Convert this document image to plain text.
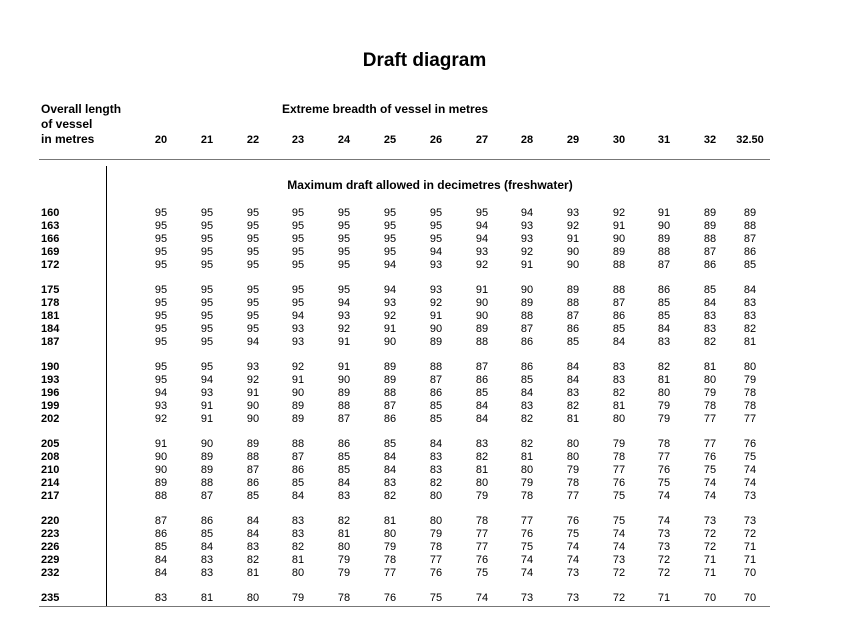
Draft diagram
Overall length
of vessel
in metres
Extreme breadth of vessel in metres
20	21	22	23	24	25	26	27	28	29	30	31	32	32.50
Maximum draft allowed in decimetres (freshwater)
160	95	95	95	95	95	95	95	95	94	93	92	91	89	89
163	95	95	95	95	95	95	95	94	93	92	91	90	89	88
166	95	95	95	95	95	95	95	94	93	91	90	89	88	87
169	95	95	95	95	95	95	94	93	92	90	89	88	87	86
172	95	95	95	95	95	94	93	92	91	90	88	87	86	85
175	95	95	95	95	95	94	93	91	90	89	88	86	85	84
178	95	95	95	95	94	93	92	90	89	88	87	85	84	83
181	95	95	95	94	93	92	91	90	88	87	86	85	83	83
184	95	95	95	93	92	91	90	89	87	86	85	84	83	82
187	95	95	94	93	91	90	89	88	86	85	84	83	82	81
190	95	95	93	92	91	89	88	87	86	84	83	82	81	80
193	95	94	92	91	90	89	87	86	85	84	83	81	80	79
196	94	93	91	90	89	88	86	85	84	83	82	80	79	78
199	93	91	90	89	88	87	85	84	83	82	81	79	78	78
202	92	91	90	89	87	86	85	84	82	81	80	79	77	77
205	91	90	89	88	86	85	84	83	82	80	79	78	77	76
208	90	89	88	87	85	84	83	82	81	80	78	77	76	75
210	90	89	87	86	85	84	83	81	80	79	77	76	75	74
214	89	88	86	85	84	83	82	80	79	78	76	75	74	74
217	88	87	85	84	83	82	80	79	78	77	75	74	74	73
220	87	86	84	83	82	81	80	78	77	76	75	74	73	73
223	86	85	84	83	81	80	79	77	76	75	74	73	72	72
226	85	84	83	82	80	79	78	77	75	74	74	73	72	71
229	84	83	82	81	79	78	77	76	74	74	73	72	71	71
232	84	83	81	80	79	77	76	75	74	73	72	72	71	70
235	83	81	80	79	78	76	75	74	73	73	72	71	70	70
